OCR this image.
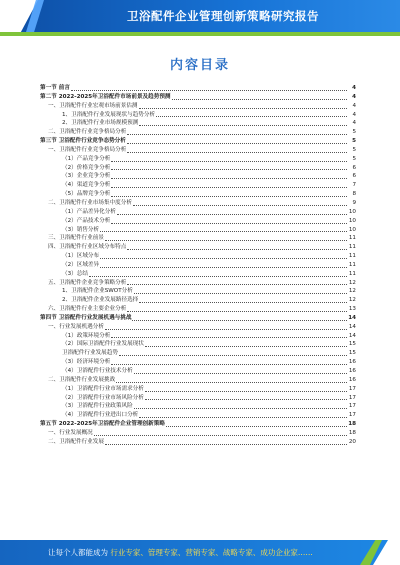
卫浴配件企业管理创新策略研究报告
内容目录
第一节 前言	4
第二节 2022-2025年卫浴配件市场前景及趋势预测	4
一、卫浴配件行业宏观市场前景估测	4
1、卫浴配件行业发展现状与趋势分析	4
2、卫浴配件行业市场规模预测	4
二、卫浴配件行业竞争格局分析	5
第三节 卫浴配件行业竞争态势分析	5
一、卫浴配件行业竞争格局分析	5
（1）产品竞争分析	5
（2）价格竞争分析	6
（3）企业竞争分析	6
（4）渠道竞争分析	7
（5）品牌竞争分析	8
二、卫浴配件行业市场集中度分析	9
（1）产品差异化分析	10
（2）产品技术分析	10
（3）销售分析	10
三、卫浴配件行业前景	11
四、卫浴配件行业区域分布特点	11
（1）区域分布	11
（2）区域差异	11
（3）总结	11
五、卫浴配件企业竞争策略分析	12
1、卫浴配件企业SWOT分析	12
2、卫浴配件企业发展路径选择	12
六、卫浴配件行业主要企业分析	13
第四节 卫浴配件行业发展机遇与挑战	14
一、行业发展机遇分析	14
（1）政策环境分析	14
（2）国际卫浴配件行业发展现状	15
卫浴配件行业发展趋势	15
（3）经济环境分析	16
（4）卫浴配件行业技术分析	16
二、卫浴配件行业发展挑战	16
（1）卫浴配件行业市场需求分析	17
（2）卫浴配件行业市场风险分析	17
（3）卫浴配件行业政策风险	17
（4）卫浴配件行业进出口分析	17
第五节 2022-2025年卫浴配件企业管理创新策略	18
一、行业发展概况	18
二、卫浴配件行业发展	20
让每个人都能成为 行业专家、管理专家、营销专家、战略专家、成功企业家……
